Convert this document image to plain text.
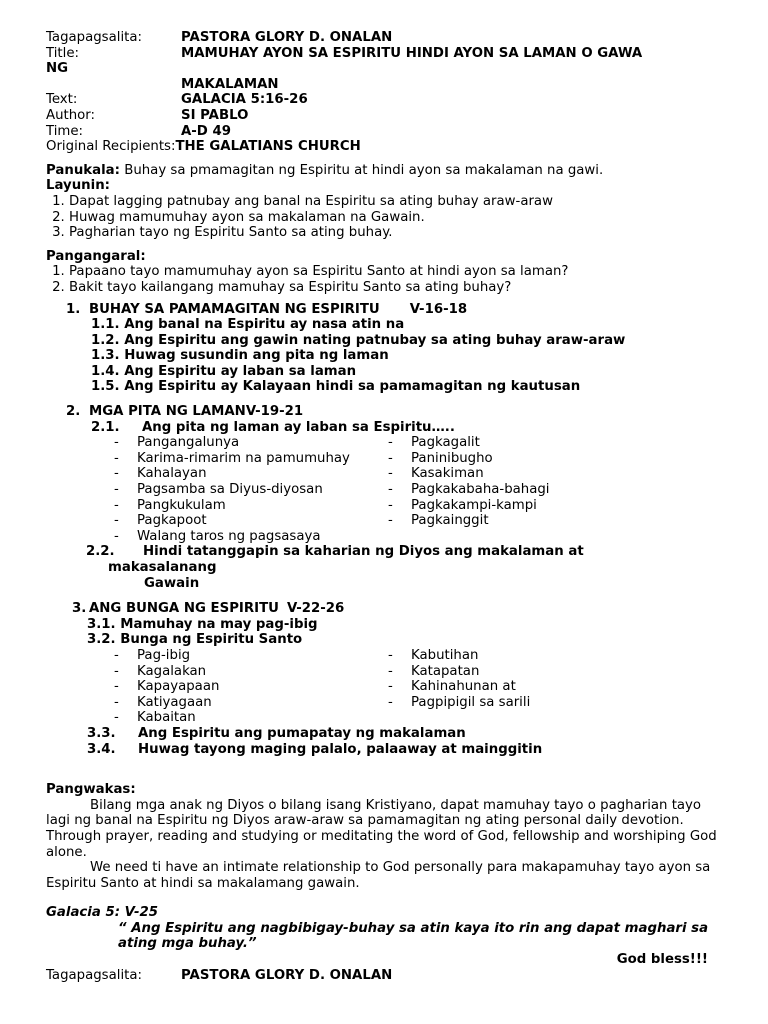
Tagapagsalita:	PASTORA GLORY D. ONALAN
Title:	MAMUHAY AYON SA ESPIRITU HINDI AYON SA LAMAN O GAWA
NG
MAKALAMAN
Text:	GALACIA 5:16-26
Author:	SI PABLO
Time:	A-D 49
Original Recipients: THE GALATIANS CHURCH
Panukala: Buhay sa pmamagitan ng Espiritu at hindi ayon sa makalaman na gawi.
Layunin:
1. Dapat lagging patnubay ang banal na Espiritu sa ating buhay araw-araw
2. Huwag mamumuhay ayon sa makalaman na Gawain.
3. Pagharian tayo ng Espiritu Santo sa ating buhay.
Pangangaral:
1. Papaano tayo mamumuhay ayon sa Espiritu Santo at hindi ayon sa laman?
2. Bakit tayo kailangang mamuhay sa Espiritu Santo sa ating buhay?
1. BUHAY SA PAMAMAGITAN NG ESPIRITU V-16-18
1.1. Ang banal na Espiritu ay nasa atin na
1.2. Ang Espiritu ang gawin nating patnubay sa ating buhay araw-araw
1.3. Huwag susundin ang pita ng laman
1.4. Ang Espiritu ay laban sa laman
1.5. Ang Espiritu ay Kalayaan hindi sa pamamagitan ng kautusan
2. MGA PITA NG LAMAN V-19-21
2.1.	Ang pita ng laman ay laban sa Espiritu…..
-	Pangangalunya
-	Karima-rimarim na pamumuhay
-	Kahalayan
-	Pagsamba sa Diyus-diyosan
-	Pangkukulam
-	Pagkapoot
-	Walang taros ng pagsasaya
-	Pagkagalit
-	Paninibugho
-	Kasakiman
-	Pagkakabaha-bahagi
-	Pagkakampi-kampi
-	Pagkainggit
2.2.	Hindi tatanggapin sa kaharian ng Diyos ang makalaman at
makasalanang
Gawain
3. ANG BUNGA NG ESPIRITU V-22-26
3.1. Mamuhay na may pag-ibig
3.2. Bunga ng Espiritu Santo
-	Pag-ibig
-	Kagalakan
-	Kapayapaan
-	Katiyagaan
-	Kabaitan
-	Kabutihan
-	Katapatan
-	Kahinahunan at
-	Pagpipigil sa sarili
3.3.	Ang Espiritu ang pumapatay ng makalaman
3.4.	Huwag tayong maging palalo, palaaway at mainggitin
Pangwakas:
Bilang mga anak ng Diyos o bilang isang Kristiyano, dapat mamuhay tayo o pagharian tayo lagi ng banal na Espiritu ng Diyos araw-araw sa pamamagitan ng ating personal daily devotion. Through prayer, reading and studying or meditating the word of God, fellowship and worshiping God alone.
We need ti have an intimate relationship to God personally para makapamuhay tayo ayon sa Espiritu Santo at hindi sa makalamang gawain.
Galacia 5: V-25
“ Ang Espiritu ang nagbibigay-buhay sa atin kaya ito rin ang dapat maghari sa ating mga buhay.”
God bless!!!
Tagapagsalita:	PASTORA GLORY D. ONALAN
